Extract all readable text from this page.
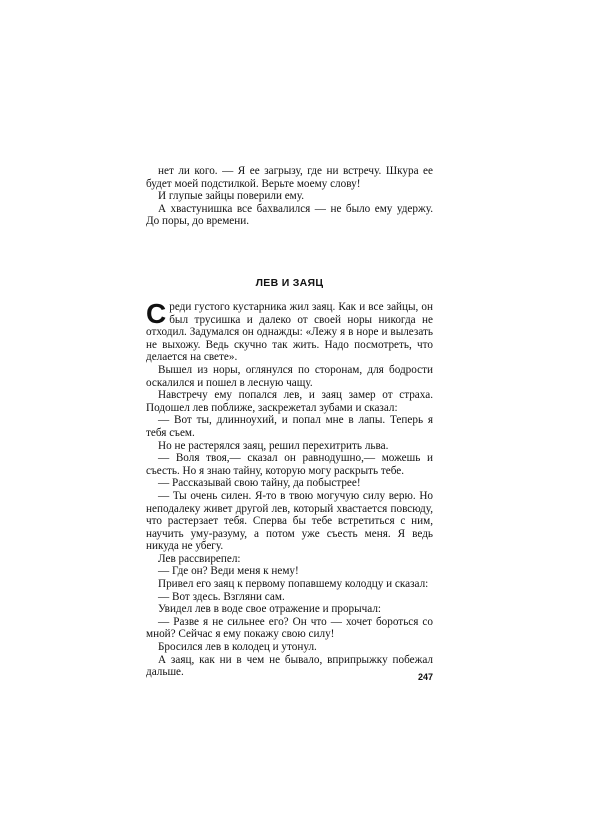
нет ли кого. — Я ее загрызу, где ни встречу. Шкура ее будет моей подстилкой. Верьте моему слову!

И глупые зайцы поверили ему.

А хвастунишка все бахвалился — не было ему удержу. До поры, до времени.

ЛЕВ И ЗАЯЦ

Среди густого кустарника жил заяц. Как и все зайцы, он был трусишка и далеко от своей норы никогда не отходил. Задумался он однажды: «Лежу я в норе и вылезать не выхожу. Ведь скучно так жить. Надо посмотреть, что делается на свете».

Вышел из норы, оглянулся по сторонам, для бодрости оскалился и пошел в лесную чащу.

Навстречу ему попался лев, и заяц замер от страха. Подошел лев поближе, заскрежетал зубами и сказал:

— Вот ты, длинноухий, и попал мне в лапы. Теперь я тебя съем.

Но не растерялся заяц, решил перехитрить льва.

— Воля твоя,— сказал он равнодушно,— можешь и съесть. Но я знаю тайну, которую могу раскрыть тебе.

— Рассказывай свою тайну, да побыстрее!

— Ты очень силен. Я-то в твою могучую силу верю. Но неподалеку живет другой лев, который хвастается повсюду, что растерзает тебя. Сперва бы тебе встретиться с ним, научить уму-разуму, а потом уже съесть меня. Я ведь никуда не убегу.

Лев рассвирепел:

— Где он? Веди меня к нему!

Привел его заяц к первому попавшему колодцу и сказал:

— Вот здесь. Взгляни сам.

Увидел лев в воде свое отражение и прорычал:

— Разве я не сильнее его? Он что — хочет бороться со мной? Сейчас я ему покажу свою силу!

Бросился лев в колодец и утонул.

А заяц, как ни в чем не бывало, вприпрыжку побежал дальше.	247
